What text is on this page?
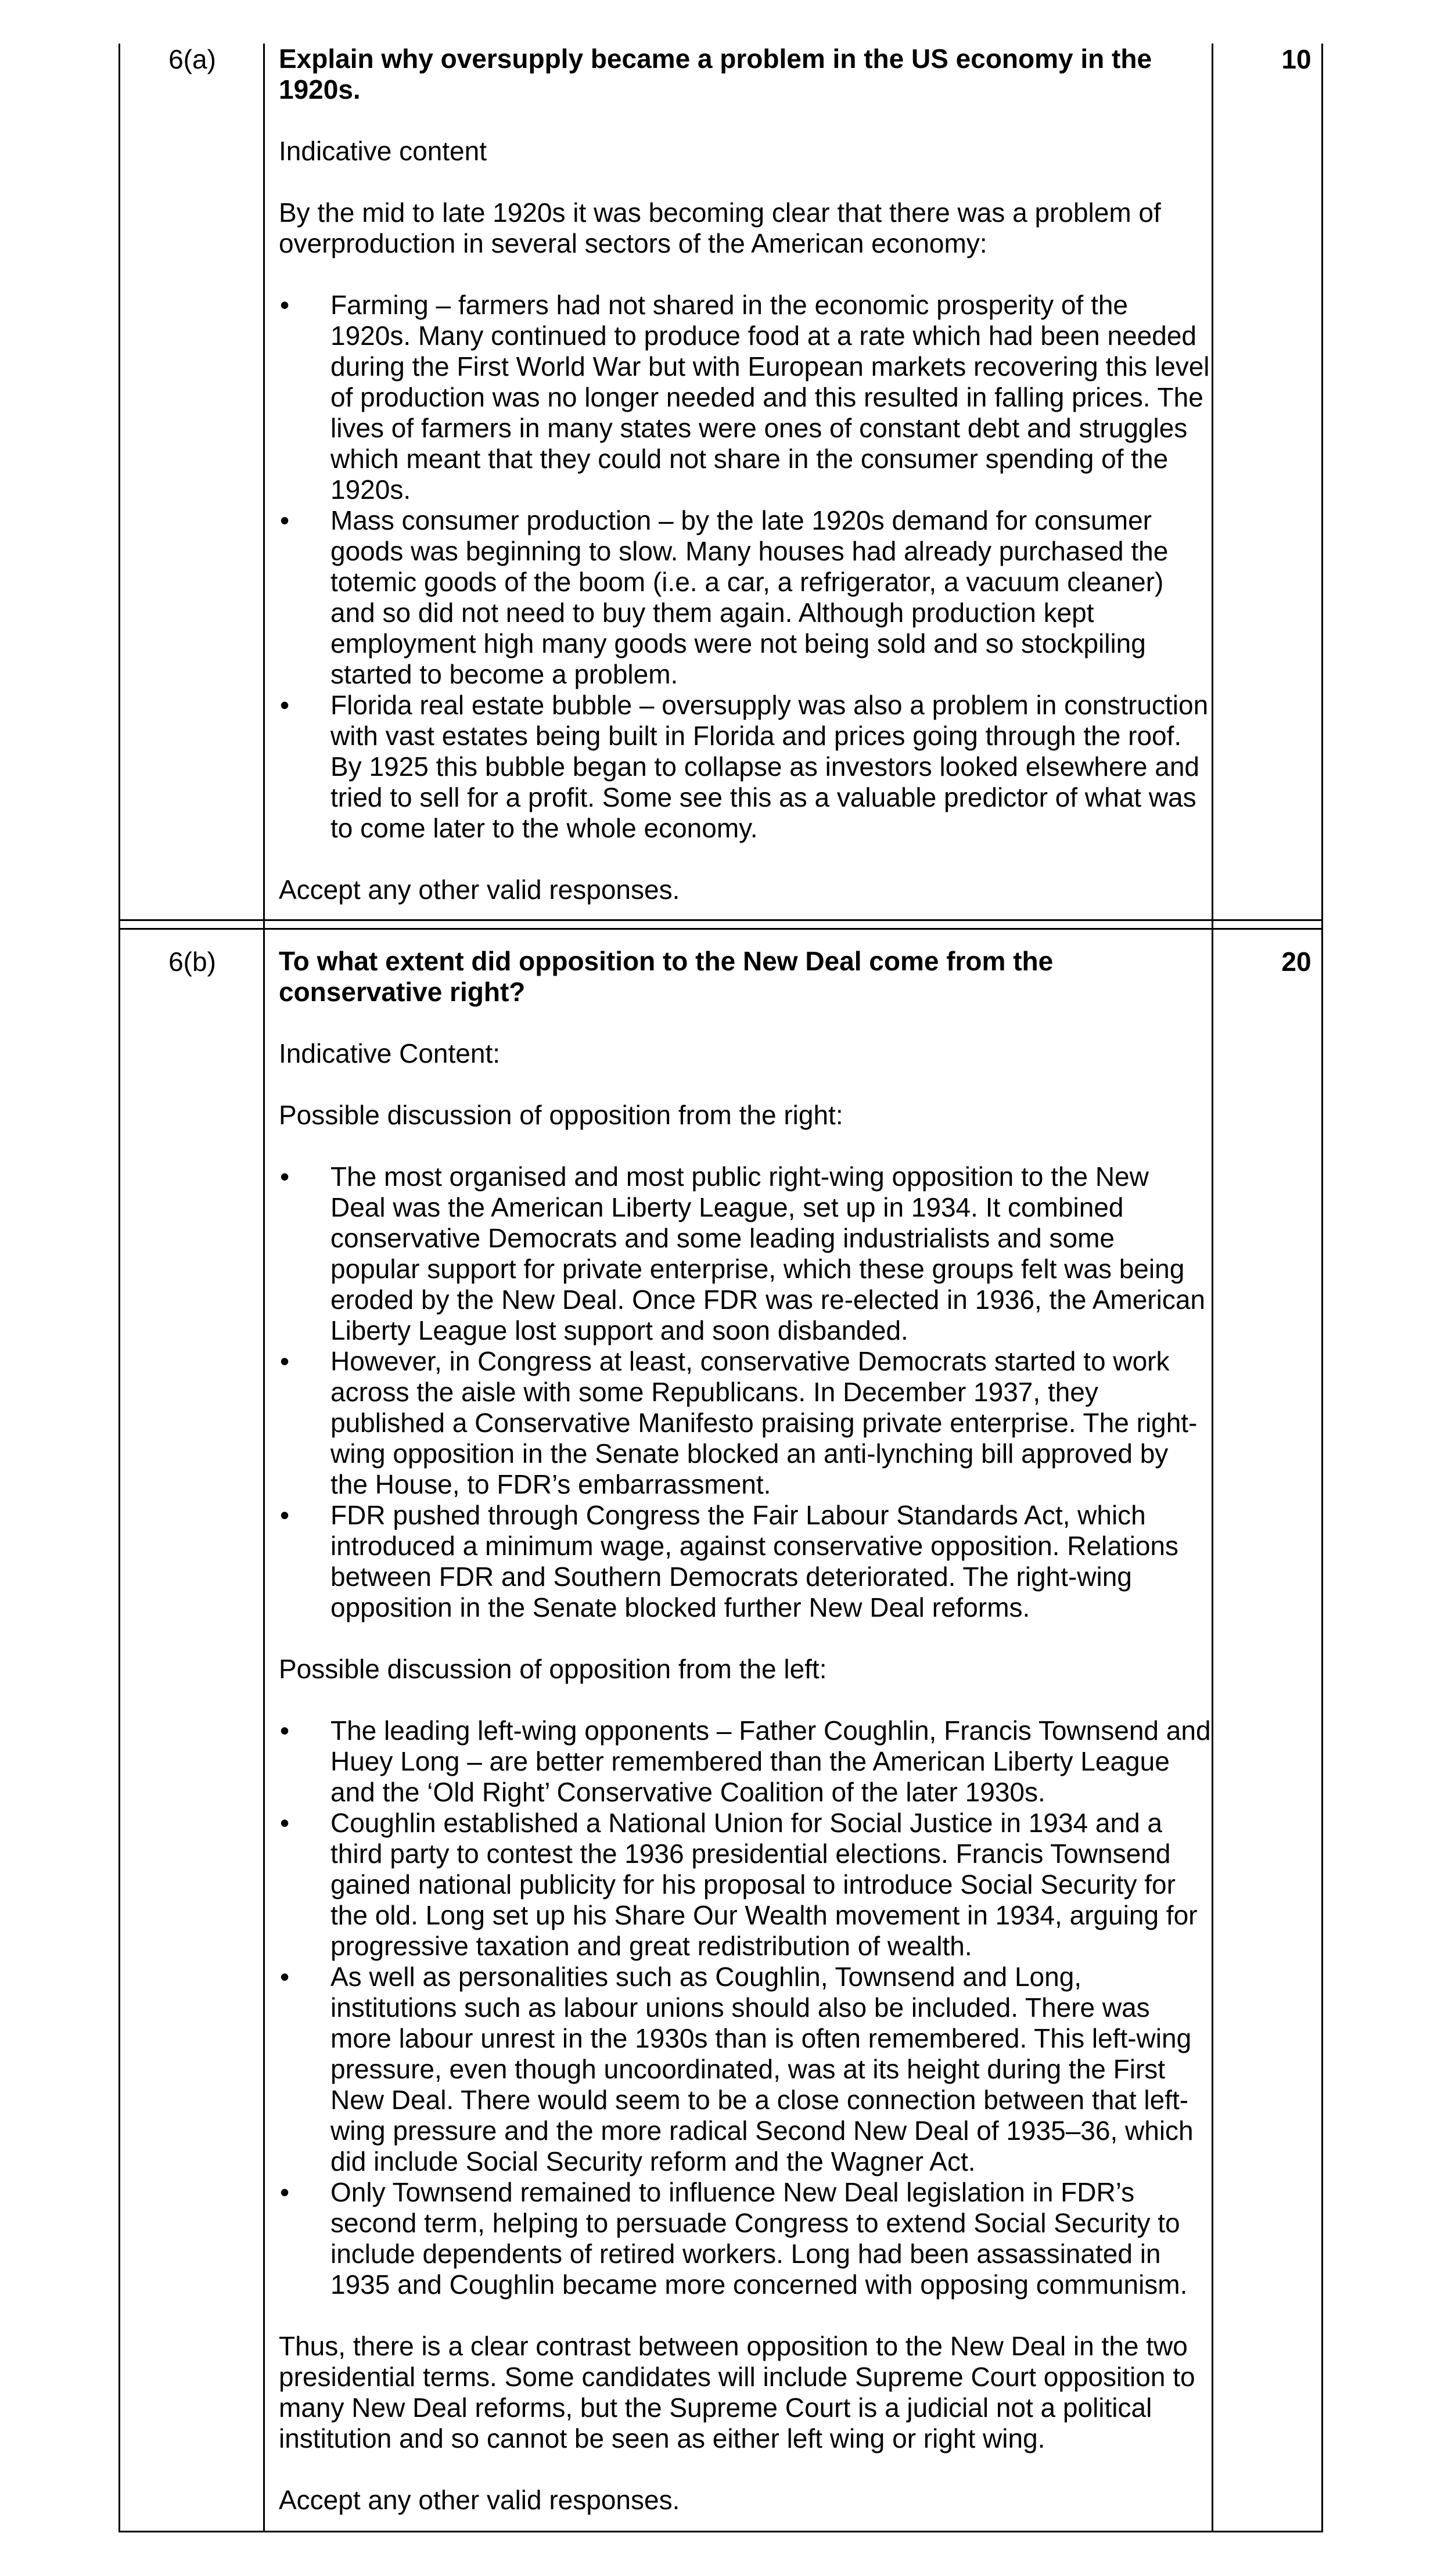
6(a)	10

Explain why oversupply became a problem in the US economy in the 1920s.

Indicative content

By the mid to late 1920s it was becoming clear that there was a problem of overproduction in several sectors of the American economy:

• Farming – farmers had not shared in the economic prosperity of the 1920s. Many continued to produce food at a rate which had been needed during the First World War but with European markets recovering this level of production was no longer needed and this resulted in falling prices. The lives of farmers in many states were ones of constant debt and struggles which meant that they could not share in the consumer spending of the 1920s.
• Mass consumer production – by the late 1920s demand for consumer goods was beginning to slow. Many houses had already purchased the totemic goods of the boom (i.e. a car, a refrigerator, a vacuum cleaner) and so did not need to buy them again. Although production kept employment high many goods were not being sold and so stockpiling started to become a problem.
• Florida real estate bubble – oversupply was also a problem in construction with vast estates being built in Florida and prices going through the roof. By 1925 this bubble began to collapse as investors looked elsewhere and tried to sell for a profit. Some see this as a valuable predictor of what was to come later to the whole economy.

Accept any other valid responses.

6(b)	20

To what extent did opposition to the New Deal come from the conservative right?

Indicative Content:

Possible discussion of opposition from the right:

• The most organised and most public right-wing opposition to the New Deal was the American Liberty League, set up in 1934. It combined conservative Democrats and some leading industrialists and some popular support for private enterprise, which these groups felt was being eroded by the New Deal. Once FDR was re-elected in 1936, the American Liberty League lost support and soon disbanded.
• However, in Congress at least, conservative Democrats started to work across the aisle with some Republicans. In December 1937, they published a Conservative Manifesto praising private enterprise. The right-wing opposition in the Senate blocked an anti-lynching bill approved by the House, to FDR’s embarrassment.
• FDR pushed through Congress the Fair Labour Standards Act, which introduced a minimum wage, against conservative opposition. Relations between FDR and Southern Democrats deteriorated. The right-wing opposition in the Senate blocked further New Deal reforms.

Possible discussion of opposition from the left:

• The leading left-wing opponents – Father Coughlin, Francis Townsend and Huey Long – are better remembered than the American Liberty League and the ‘Old Right’ Conservative Coalition of the later 1930s.
• Coughlin established a National Union for Social Justice in 1934 and a third party to contest the 1936 presidential elections. Francis Townsend gained national publicity for his proposal to introduce Social Security for the old. Long set up his Share Our Wealth movement in 1934, arguing for progressive taxation and great redistribution of wealth.
• As well as personalities such as Coughlin, Townsend and Long, institutions such as labour unions should also be included. There was more labour unrest in the 1930s than is often remembered. This left-wing pressure, even though uncoordinated, was at its height during the First New Deal. There would seem to be a close connection between that left-wing pressure and the more radical Second New Deal of 1935–36, which did include Social Security reform and the Wagner Act.
• Only Townsend remained to influence New Deal legislation in FDR’s second term, helping to persuade Congress to extend Social Security to include dependents of retired workers. Long had been assassinated in 1935 and Coughlin became more concerned with opposing communism.

Thus, there is a clear contrast between opposition to the New Deal in the two presidential terms. Some candidates will include Supreme Court opposition to many New Deal reforms, but the Supreme Court is a judicial not a political institution and so cannot be seen as either left wing or right wing.

Accept any other valid responses.
